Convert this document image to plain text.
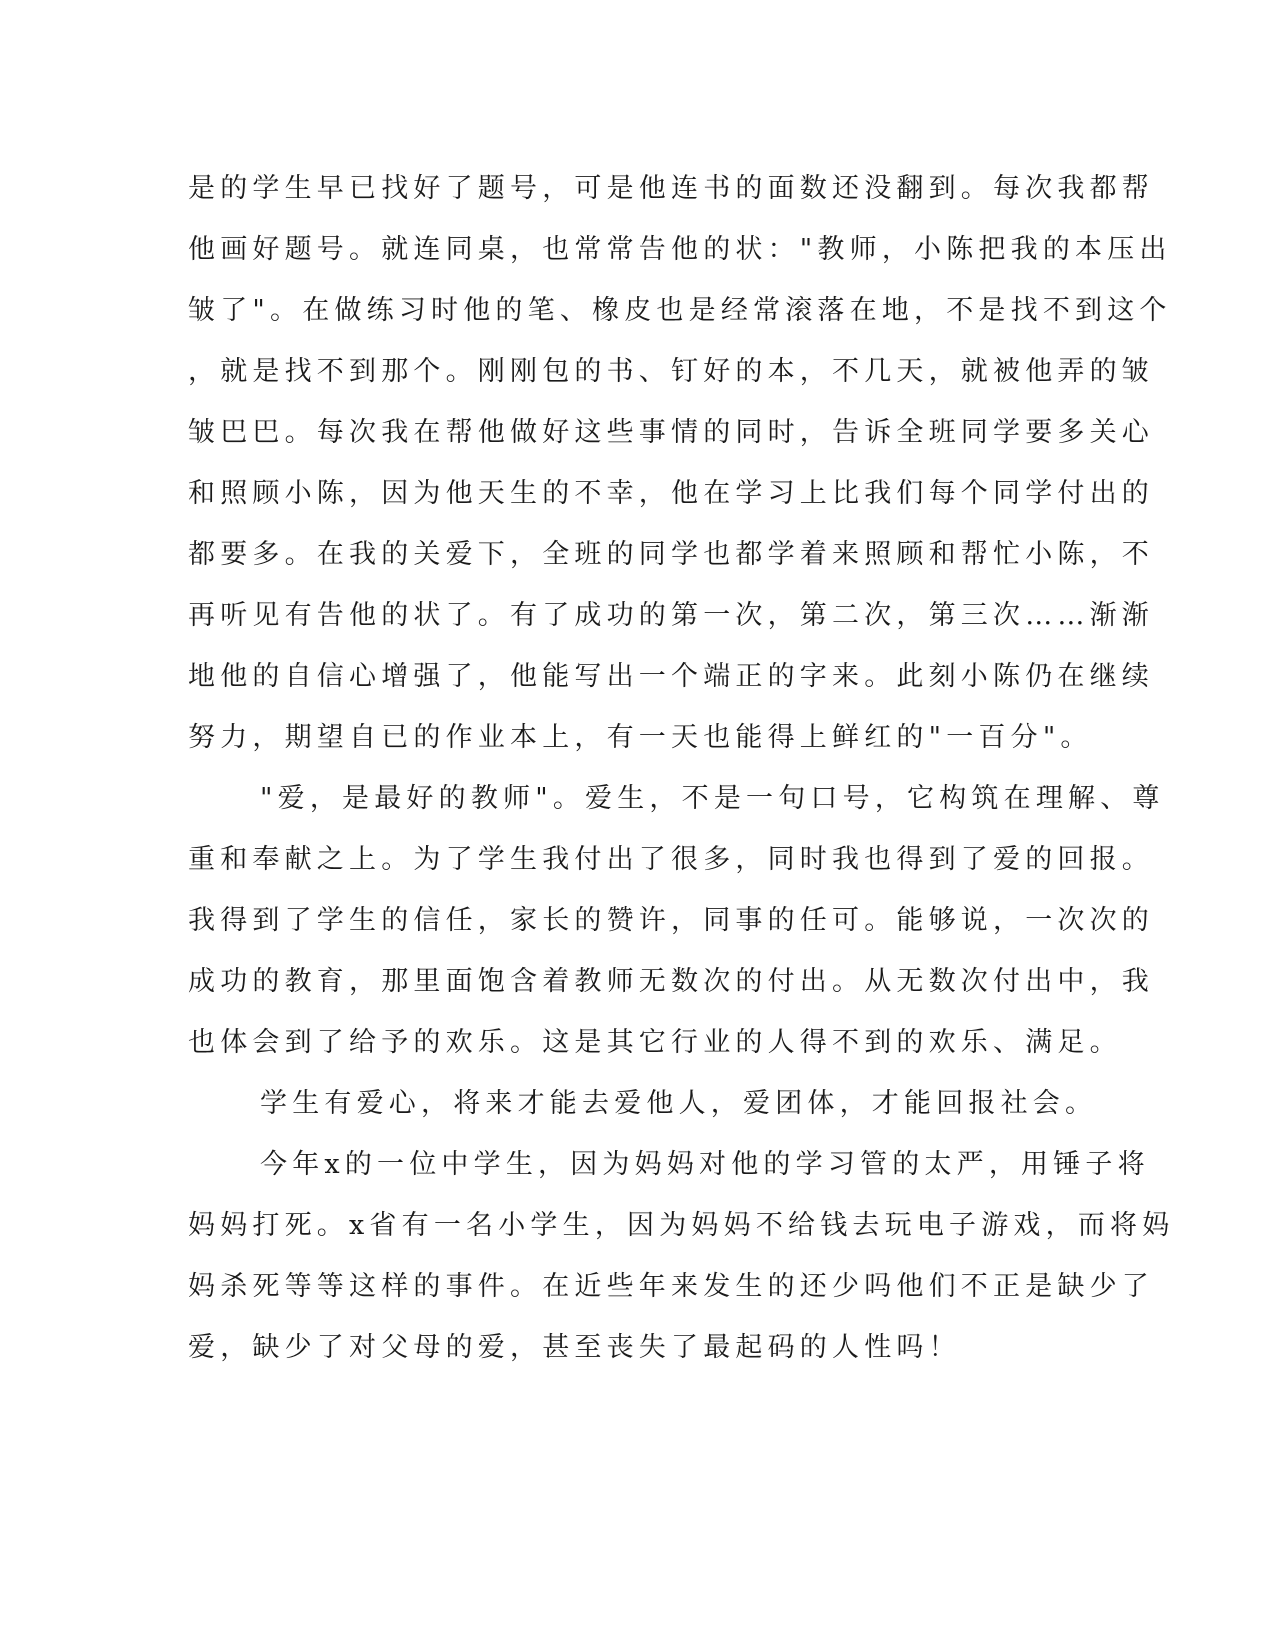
是的学生早已找好了题号，可是他连书的面数还没翻到。每次我都帮
他画好题号。就连同桌，也常常告他的状："教师，小陈把我的本压出
皱了"。在做练习时他的笔、橡皮也是经常滚落在地，不是找不到这个
，就是找不到那个。刚刚包的书、钉好的本，不几天，就被他弄的皱
皱巴巴。每次我在帮他做好这些事情的同时，告诉全班同学要多关心
和照顾小陈，因为他天生的不幸，他在学习上比我们每个同学付出的
都要多。在我的关爱下，全班的同学也都学着来照顾和帮忙小陈，不
再听见有告他的状了。有了成功的第一次，第二次，第三次……渐渐
地他的自信心增强了，他能写出一个端正的字来。此刻小陈仍在继续
努力，期望自已的作业本上，有一天也能得上鲜红的"一百分"。
"爱，是最好的教师"。爱生，不是一句口号，它构筑在理解、尊
重和奉献之上。为了学生我付出了很多，同时我也得到了爱的回报。
我得到了学生的信任，家长的赞许，同事的任可。能够说，一次次的
成功的教育，那里面饱含着教师无数次的付出。从无数次付出中，我
也体会到了给予的欢乐。这是其它行业的人得不到的欢乐、满足。
学生有爱心，将来才能去爱他人，爱团体，才能回报社会。
今年x的一位中学生，因为妈妈对他的学习管的太严，用锤子将
妈妈打死。x省有一名小学生，因为妈妈不给钱去玩电子游戏，而将妈
妈杀死等等这样的事件。在近些年来发生的还少吗他们不正是缺少了
爱，缺少了对父母的爱，甚至丧失了最起码的人性吗！
